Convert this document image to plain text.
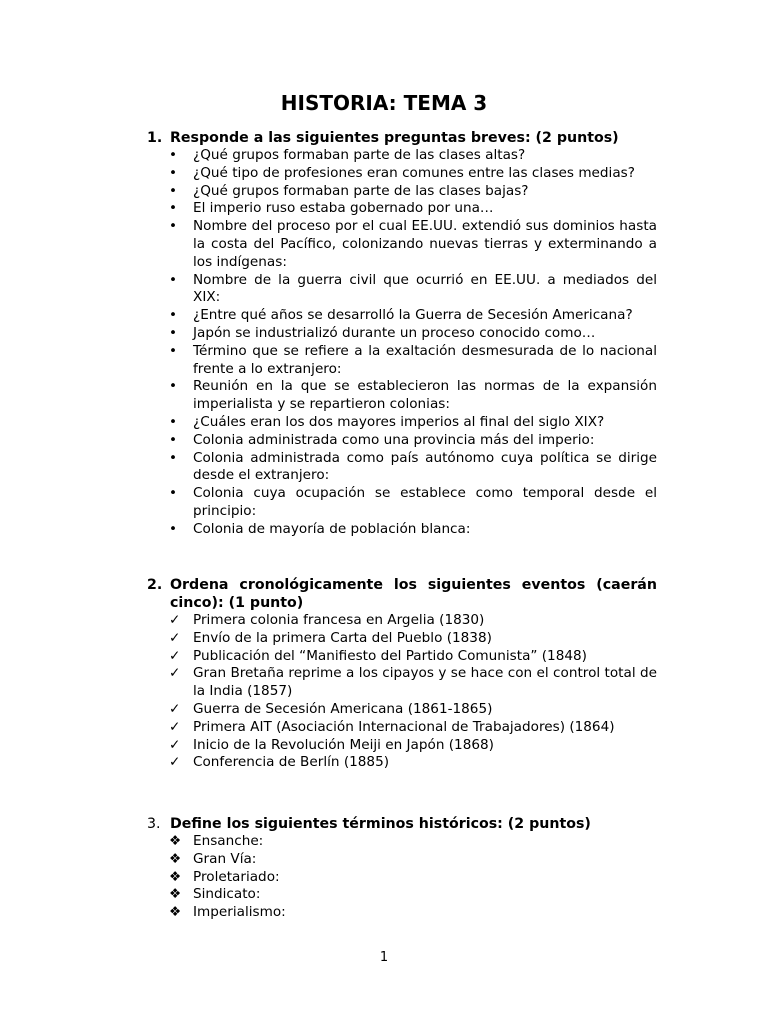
HISTORIA: TEMA 3
1. Responde a las siguientes preguntas breves: (2 puntos)
•	¿Qué grupos formaban parte de las clases altas?
•	¿Qué tipo de profesiones eran comunes entre las clases medias?
•	¿Qué grupos formaban parte de las clases bajas?
•	El imperio ruso estaba gobernado por una…
•	Nombre del proceso por el cual EE.UU. extendió sus dominios hasta la costa del Pacífico, colonizando nuevas tierras y exterminando a los indígenas:
•	Nombre de la guerra civil que ocurrió en EE.UU. a mediados del XIX:
•	¿Entre qué años se desarrolló la Guerra de Secesión Americana?
•	Japón se industrializó durante un proceso conocido como…
•	Término que se refiere a la exaltación desmesurada de lo nacional frente a lo extranjero:
•	Reunión en la que se establecieron las normas de la expansión imperialista y se repartieron colonias:
•	¿Cuáles eran los dos mayores imperios al final del siglo XIX?
•	Colonia administrada como una provincia más del imperio:
•	Colonia administrada como país autónomo cuya política se dirige desde el extranjero:
•	Colonia cuya ocupación se establece como temporal desde el principio:
•	Colonia de mayoría de población blanca:
2. Ordena cronológicamente los siguientes eventos (caerán cinco): (1 punto)
✓ Primera colonia francesa en Argelia (1830)
✓ Envío de la primera Carta del Pueblo (1838)
✓ Publicación del “Manifiesto del Partido Comunista” (1848)
✓ Gran Bretaña reprime a los cipayos y se hace con el control total de la India (1857)
✓ Guerra de Secesión Americana (1861-1865)
✓ Primera AIT (Asociación Internacional de Trabajadores) (1864)
✓ Inicio de la Revolución Meiji en Japón (1868)
✓ Conferencia de Berlín (1885)
3. Define los siguientes términos históricos: (2 puntos)
❖ Ensanche:
❖ Gran Vía:
❖ Proletariado:
❖ Sindicato:
❖ Imperialismo:
1
